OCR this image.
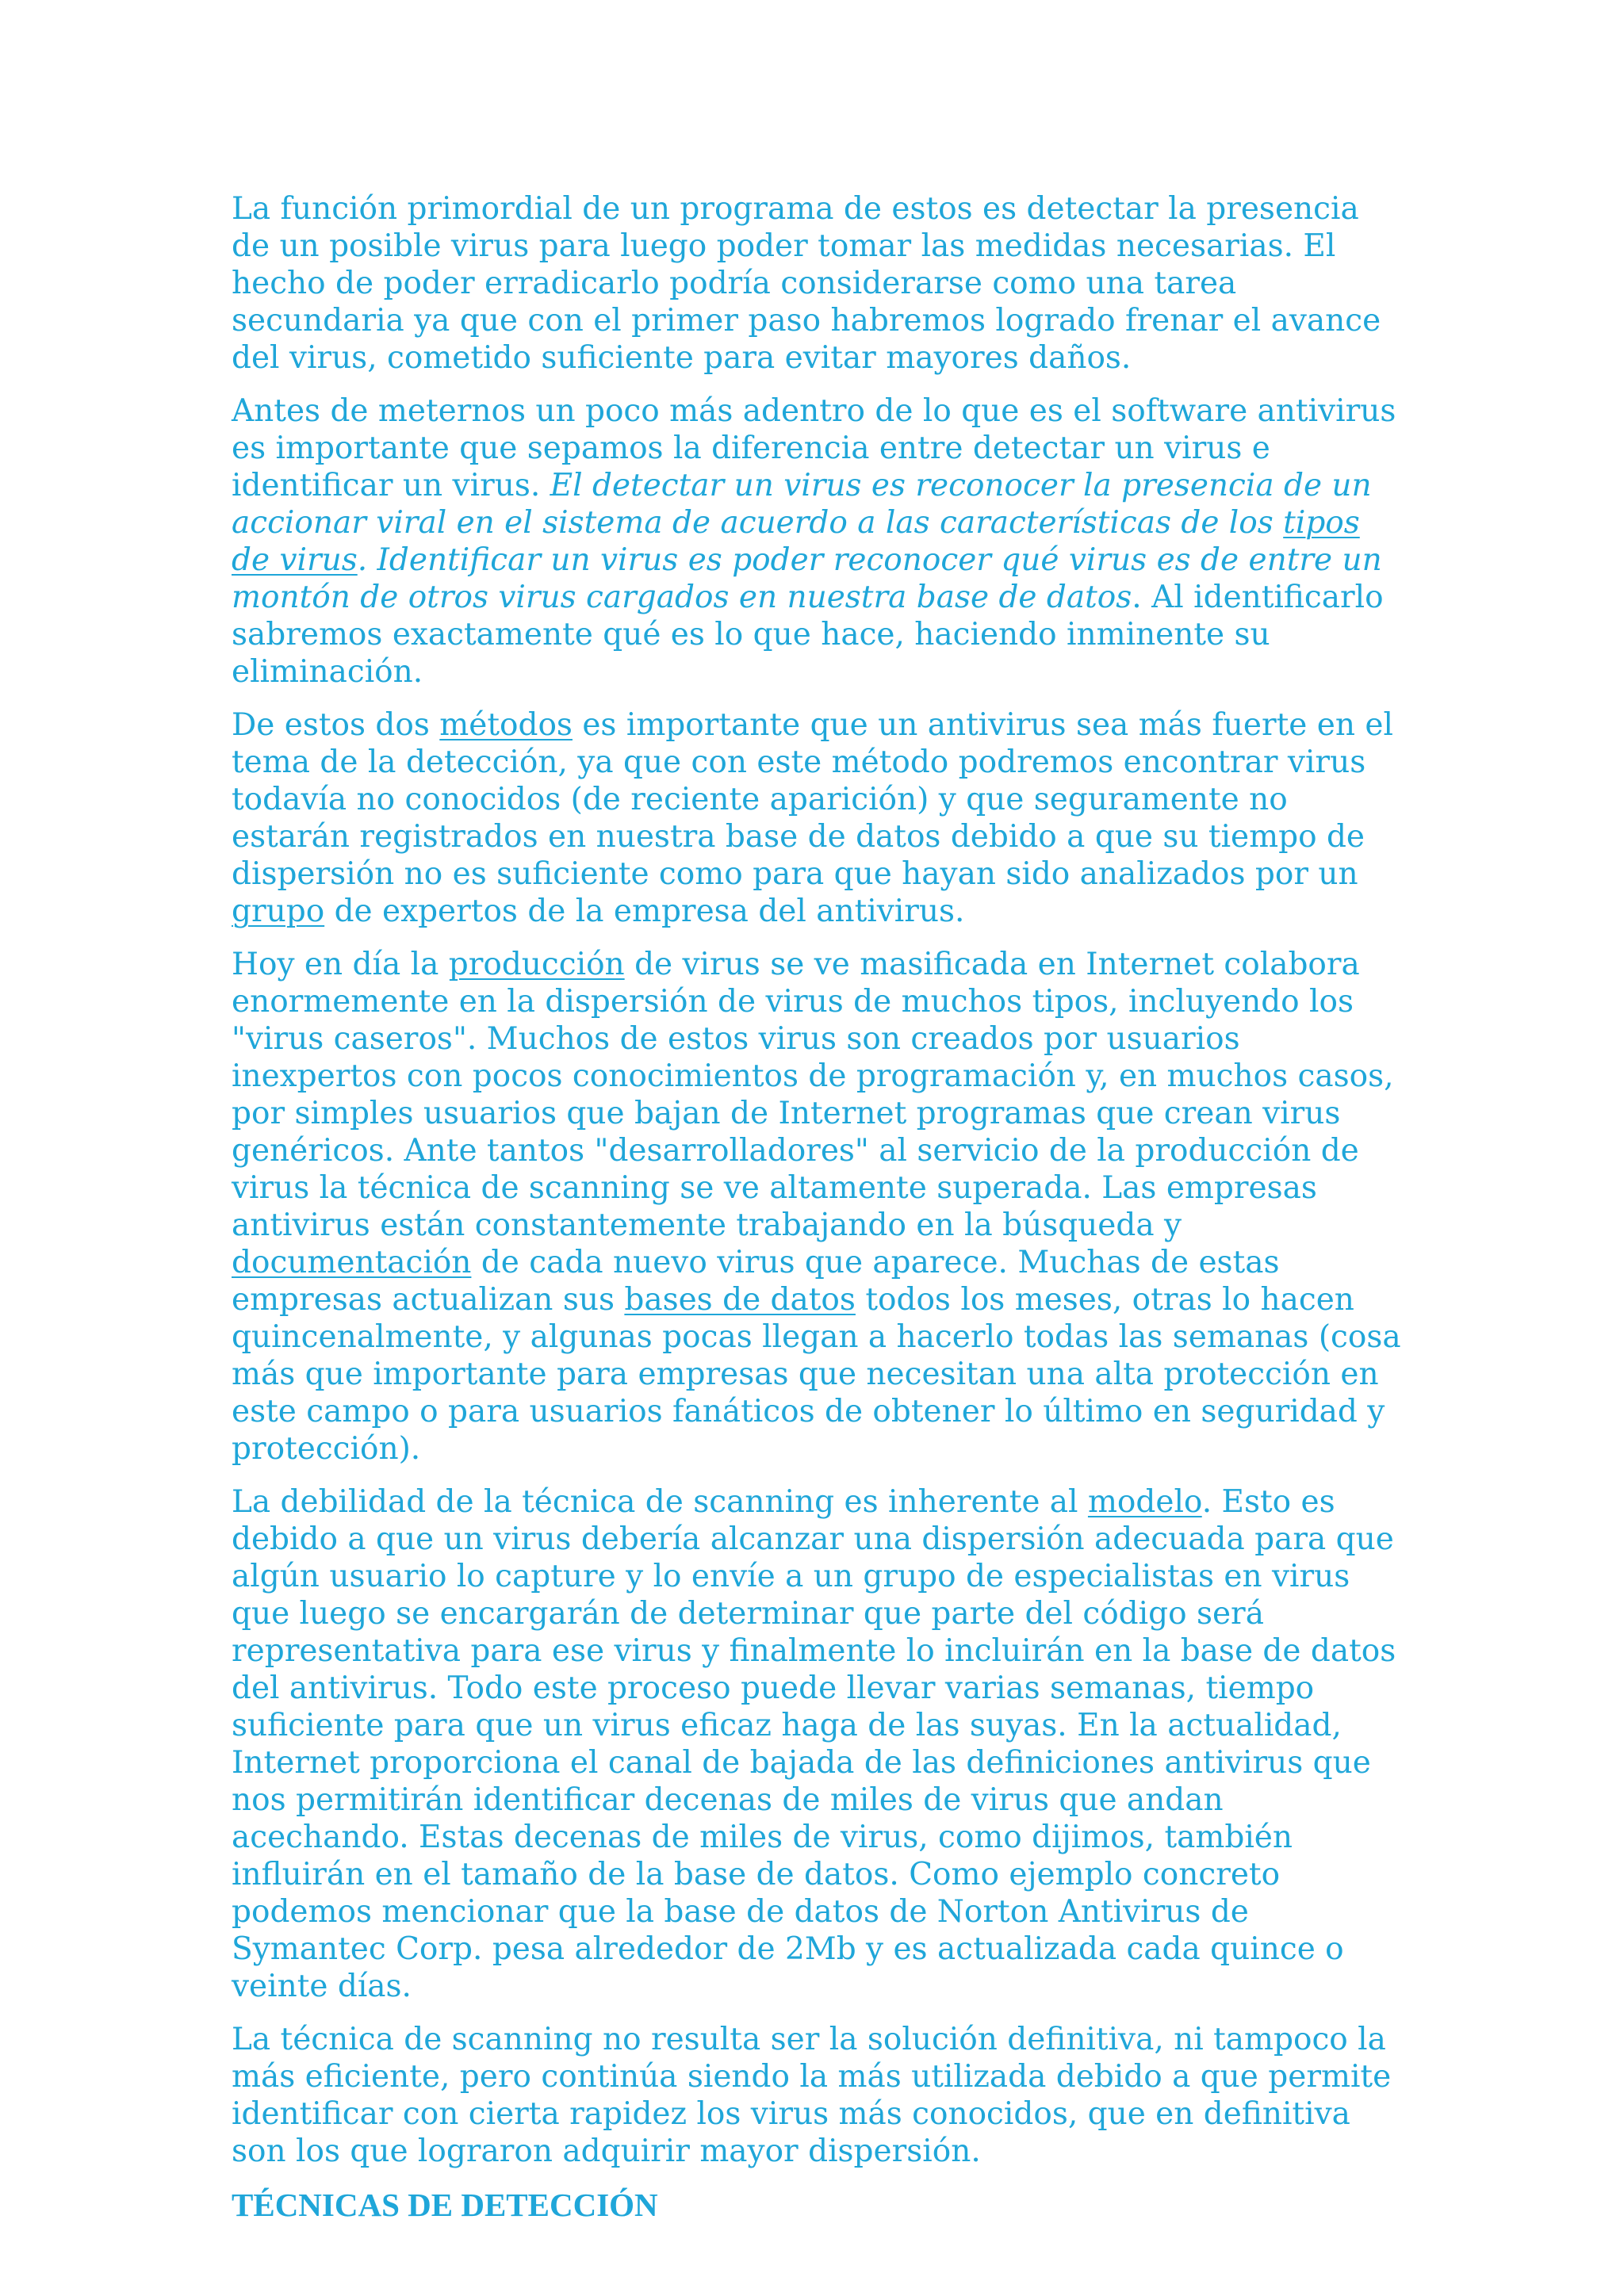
La función primordial de un programa de estos es detectar la presencia de un posible virus para luego poder tomar las medidas necesarias. El hecho de poder erradicarlo podría considerarse como una tarea secundaria ya que con el primer paso habremos logrado frenar el avance del virus, cometido suficiente para evitar mayores daños.

Antes de meternos un poco más adentro de lo que es el software antivirus es importante que sepamos la diferencia entre detectar un virus e identificar un virus. El detectar un virus es reconocer la presencia de un accionar viral en el sistema de acuerdo a las características de los tipos de virus. Identificar un virus es poder reconocer qué virus es de entre un montón de otros virus cargados en nuestra base de datos. Al identificarlo sabremos exactamente qué es lo que hace, haciendo inminente su eliminación.

De estos dos métodos es importante que un antivirus sea más fuerte en el tema de la detección, ya que con este método podremos encontrar virus todavía no conocidos (de reciente aparición) y que seguramente no estarán registrados en nuestra base de datos debido a que su tiempo de dispersión no es suficiente como para que hayan sido analizados por un grupo de expertos de la empresa del antivirus.

Hoy en día la producción de virus se ve masificada en Internet colabora enormemente en la dispersión de virus de muchos tipos, incluyendo los "virus caseros". Muchos de estos virus son creados por usuarios inexpertos con pocos conocimientos de programación y, en muchos casos, por simples usuarios que bajan de Internet programas que crean virus genéricos. Ante tantos "desarrolladores" al servicio de la producción de virus la técnica de scanning se ve altamente superada. Las empresas antivirus están constantemente trabajando en la búsqueda y documentación de cada nuevo virus que aparece. Muchas de estas empresas actualizan sus bases de datos todos los meses, otras lo hacen quincenalmente, y algunas pocas llegan a hacerlo todas las semanas (cosa más que importante para empresas que necesitan una alta protección en este campo o para usuarios fanáticos de obtener lo último en seguridad y protección).

La debilidad de la técnica de scanning es inherente al modelo. Esto es debido a que un virus debería alcanzar una dispersión adecuada para que algún usuario lo capture y lo envíe a un grupo de especialistas en virus que luego se encargarán de determinar que parte del código será representativa para ese virus y finalmente lo incluirán en la base de datos del antivirus. Todo este proceso puede llevar varias semanas, tiempo suficiente para que un virus eficaz haga de las suyas. En la actualidad, Internet proporciona el canal de bajada de las definiciones antivirus que nos permitirán identificar decenas de miles de virus que andan acechando. Estas decenas de miles de virus, como dijimos, también influirán en el tamaño de la base de datos. Como ejemplo concreto podemos mencionar que la base de datos de Norton Antivirus de Symantec Corp. pesa alrededor de 2Mb y es actualizada cada quince o veinte días.

La técnica de scanning no resulta ser la solución definitiva, ni tampoco la más eficiente, pero continúa siendo la más utilizada debido a que permite identificar con cierta rapidez los virus más conocidos, que en definitiva son los que lograron adquirir mayor dispersión.

TÉCNICAS DE DETECCIÓN
